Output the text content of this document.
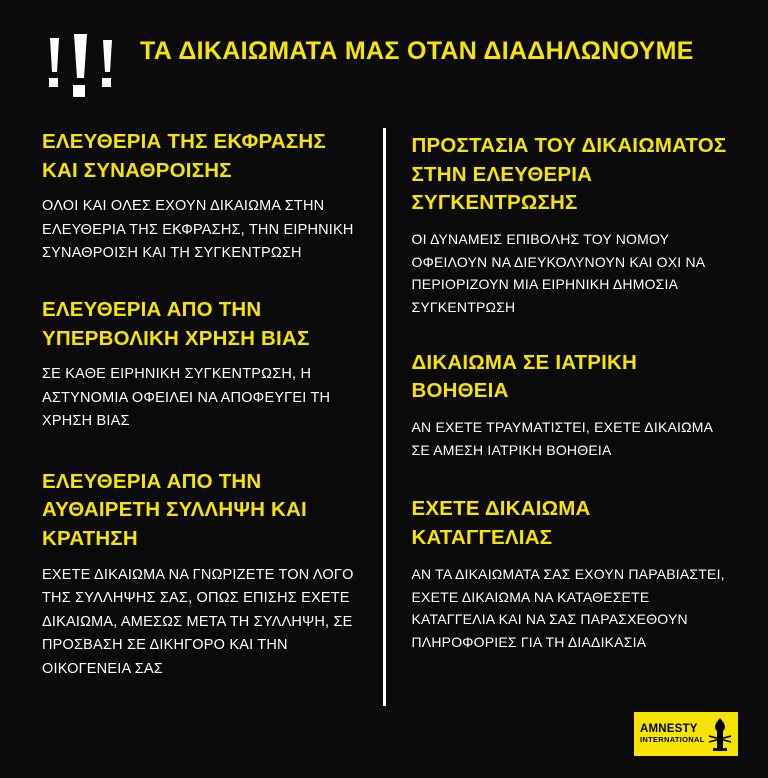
ΤΑ ΔΙΚΑΙΩΜΑΤΑ ΜΑΣ ΟΤΑΝ ΔΙΑΔΗΛΩΝΟΥΜΕ
ΕΛΕΥΘΕΡΙΑ ΤΗΣ ΕΚΦΡΑΣΗΣ ΚΑΙ ΣΥΝΑΘΡΟΙΣΗΣ

ΟΛΟΙ ΚΑΙ ΟΛΕΣ ΕΧΟΥΝ ΔΙΚΑΙΩΜΑ ΣΤΗΝ ΕΛΕΥΘΕΡΙΑ ΤΗΣ ΕΚΦΡΑΣΗΣ, ΤΗΝ ΕΙΡΗΝΙΚΗ ΣΥΝΑΘΡΟΙΣΗ ΚΑΙ ΤΗ ΣΥΓΚΕΝΤΡΩΣΗ

ΕΛΕΥΘΕΡΙΑ ΑΠΟ ΤΗΝ ΥΠΕΡΒΟΛΙΚΗ ΧΡΗΣΗ ΒΙΑΣ

ΣΕ ΚΑΘΕ ΕΙΡΗΝΙΚΗ ΣΥΓΚΕΝΤΡΩΣΗ, Η ΑΣΤΥΝΟΜΙΑ ΟΦΕΙΛΕΙ ΝΑ ΑΠΟΦΕΥΓΕΙ ΤΗ ΧΡΗΣΗ ΒΙΑΣ

ΕΛΕΥΘΕΡΙΑ ΑΠΟ ΤΗΝ ΑΥΘΑΙΡΕΤΗ ΣΥΛΛΗΨΗ ΚΑΙ ΚΡΑΤΗΣΗ

ΕΧΕΤΕ ΔΙΚΑΙΩΜΑ ΝΑ ΓΝΩΡΙΖΕΤΕ ΤΟΝ ΛΟΓΟ ΤΗΣ ΣΥΛΛΗΨΗΣ ΣΑΣ, ΟΠΩΣ ΕΠΙΣΗΣ ΕΧΕΤΕ ΔΙΚΑΙΩΜΑ, ΑΜΕΣΩΣ ΜΕΤΑ ΤΗ ΣΥΛΛΗΨΗ, ΣΕ ΠΡΟΣΒΑΣΗ ΣΕ ΔΙΚΗΓΟΡΟ ΚΑΙ ΤΗΝ ΟΙΚΟΓΕΝΕΙΑ ΣΑΣ

ΠΡΟΣΤΑΣΙΑ ΤΟΥ ΔΙΚΑΙΩΜΑΤΟΣ ΣΤΗΝ ΕΛΕΥΘΕΡΙΑ ΣΥΓΚΕΝΤΡΩΣΗΣ

ΟΙ ΔΥΝΑΜΕΙΣ ΕΠΙΒΟΛΗΣ ΤΟΥ ΝΟΜΟΥ ΟΦΕΙΛΟΥΝ ΝΑ ΔΙΕΥΚΟΛΥΝΟΥΝ ΚΑΙ ΟΧΙ ΝΑ ΠΕΡΙΟΡΙΖΟΥΝ ΜΙΑ ΕΙΡΗΝΙΚΗ ΔΗΜΟΣΙΑ ΣΥΓΚΕΝΤΡΩΣΗ

ΔΙΚΑΙΩΜΑ ΣΕ ΙΑΤΡΙΚΗ ΒΟΗΘΕΙΑ

ΑΝ ΕΧΕΤΕ ΤΡΑΥΜΑΤΙΣΤΕΙ, ΕΧΕΤΕ ΔΙΚΑΙΩΜΑ ΣΕ ΑΜΕΣΗ ΙΑΤΡΙΚΗ ΒΟΗΘΕΙΑ

ΕΧΕΤΕ ΔΙΚΑΙΩΜΑ ΚΑΤΑΓΓΕΛΙΑΣ

ΑΝ ΤΑ ΔΙΚΑΙΩΜΑΤΑ ΣΑΣ ΕΧΟΥΝ ΠΑΡΑΒΙΑΣΤΕΙ, ΕΧΕΤΕ ΔΙΚΑΙΩΜΑ ΝΑ ΚΑΤΑΘΕΣΕΤΕ ΚΑΤΑΓΓΕΛΙΑ ΚΑΙ ΝΑ ΣΑΣ ΠΑΡΑΣΧΕΘΟΥΝ ΠΛΗΡΟΦΟΡΙΕΣ ΓΙΑ ΤΗ ΔΙΑΔΙΚΑΣΙΑ

AMNESTY
INTERNATIONAL
